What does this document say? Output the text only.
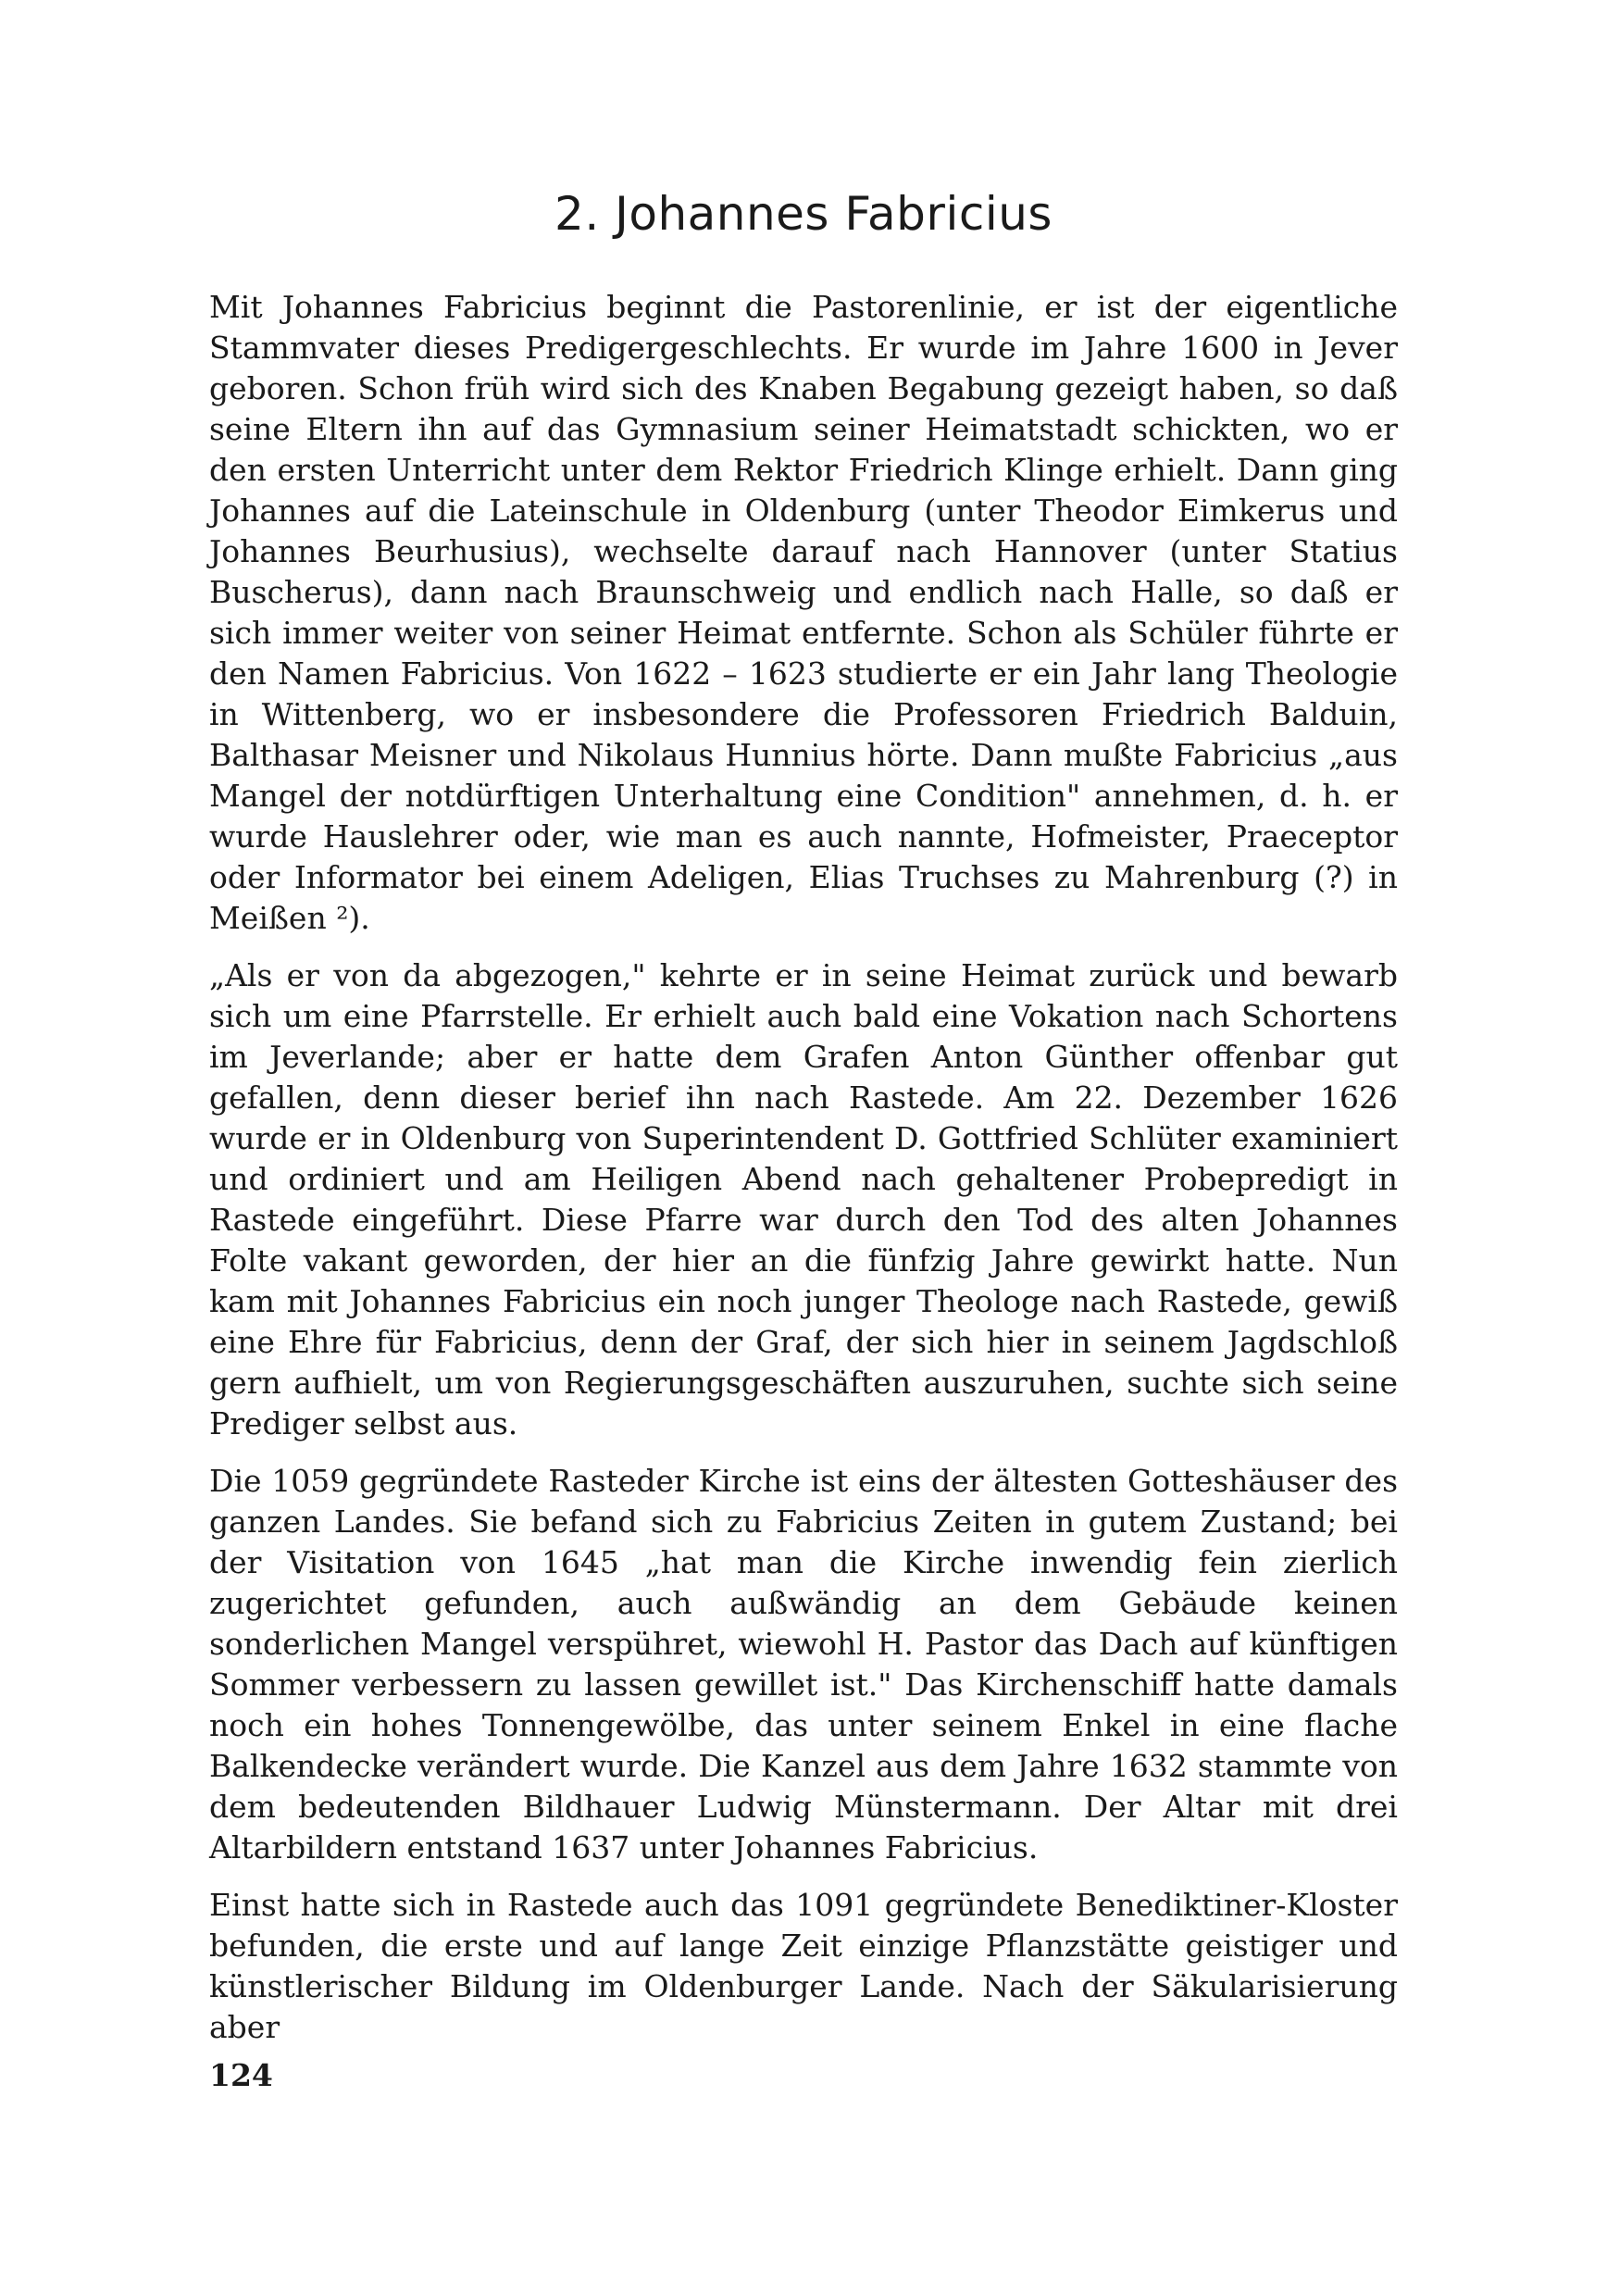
2. Johannes Fabricius

Mit Johannes Fabricius beginnt die Pastorenlinie, er ist der eigentliche Stammvater dieses Predigergeschlechts. Er wurde im Jahre 1600 in Jever geboren. Schon früh wird sich des Knaben Begabung gezeigt haben, so daß seine Eltern ihn auf das Gymnasium seiner Heimatstadt schickten, wo er den ersten Unterricht unter dem Rektor Friedrich Klinge erhielt. Dann ging Johannes auf die Lateinschule in Oldenburg (unter Theodor Eimkerus und Johannes Beurhusius), wechselte darauf nach Hannover (unter Statius Buscherus), dann nach Braunschweig und endlich nach Halle, so daß er sich immer weiter von seiner Heimat entfernte. Schon als Schüler führte er den Namen Fabricius. Von 1622 – 1623 studierte er ein Jahr lang Theologie in Wittenberg, wo er insbesondere die Professoren Friedrich Balduin, Balthasar Meisner und Nikolaus Hunnius hörte. Dann mußte Fabricius „aus Mangel der notdürftigen Unterhaltung eine Condition" annehmen, d. h. er wurde Hauslehrer oder, wie man es auch nannte, Hofmeister, Praeceptor oder Informator bei einem Adeligen, Elias Truchses zu Mahrenburg (?) in Meißen ²).

„Als er von da abgezogen," kehrte er in seine Heimat zurück und bewarb sich um eine Pfarrstelle. Er erhielt auch bald eine Vokation nach Schortens im Jeverlande; aber er hatte dem Grafen Anton Günther offenbar gut gefallen, denn dieser berief ihn nach Rastede. Am 22. Dezember 1626 wurde er in Oldenburg von Superintendent D. Gottfried Schlüter examiniert und ordiniert und am Heiligen Abend nach gehaltener Probepredigt in Rastede eingeführt. Diese Pfarre war durch den Tod des alten Johannes Folte vakant geworden, der hier an die fünfzig Jahre gewirkt hatte. Nun kam mit Johannes Fabricius ein noch junger Theologe nach Rastede, gewiß eine Ehre für Fabricius, denn der Graf, der sich hier in seinem Jagdschloß gern aufhielt, um von Regierungsgeschäften auszuruhen, suchte sich seine Prediger selbst aus.

Die 1059 gegründete Rasteder Kirche ist eins der ältesten Gotteshäuser des ganzen Landes. Sie befand sich zu Fabricius Zeiten in gutem Zustand; bei der Visitation von 1645 „hat man die Kirche inwendig fein zierlich zugerichtet gefunden, auch außwändig an dem Gebäude keinen sonderlichen Mangel verspühret, wiewohl H. Pastor das Dach auf künftigen Sommer verbessern zu lassen gewillet ist." Das Kirchenschiff hatte damals noch ein hohes Tonnengewölbe, das unter seinem Enkel in eine flache Balkendecke verändert wurde. Die Kanzel aus dem Jahre 1632 stammte von dem bedeutenden Bildhauer Ludwig Münstermann. Der Altar mit drei Altarbildern entstand 1637 unter Johannes Fabricius.

Einst hatte sich in Rastede auch das 1091 gegründete Benediktiner-Kloster befunden, die erste und auf lange Zeit einzige Pflanzstätte geistiger und künstlerischer Bildung im Oldenburger Lande. Nach der Säkularisierung aber

124
